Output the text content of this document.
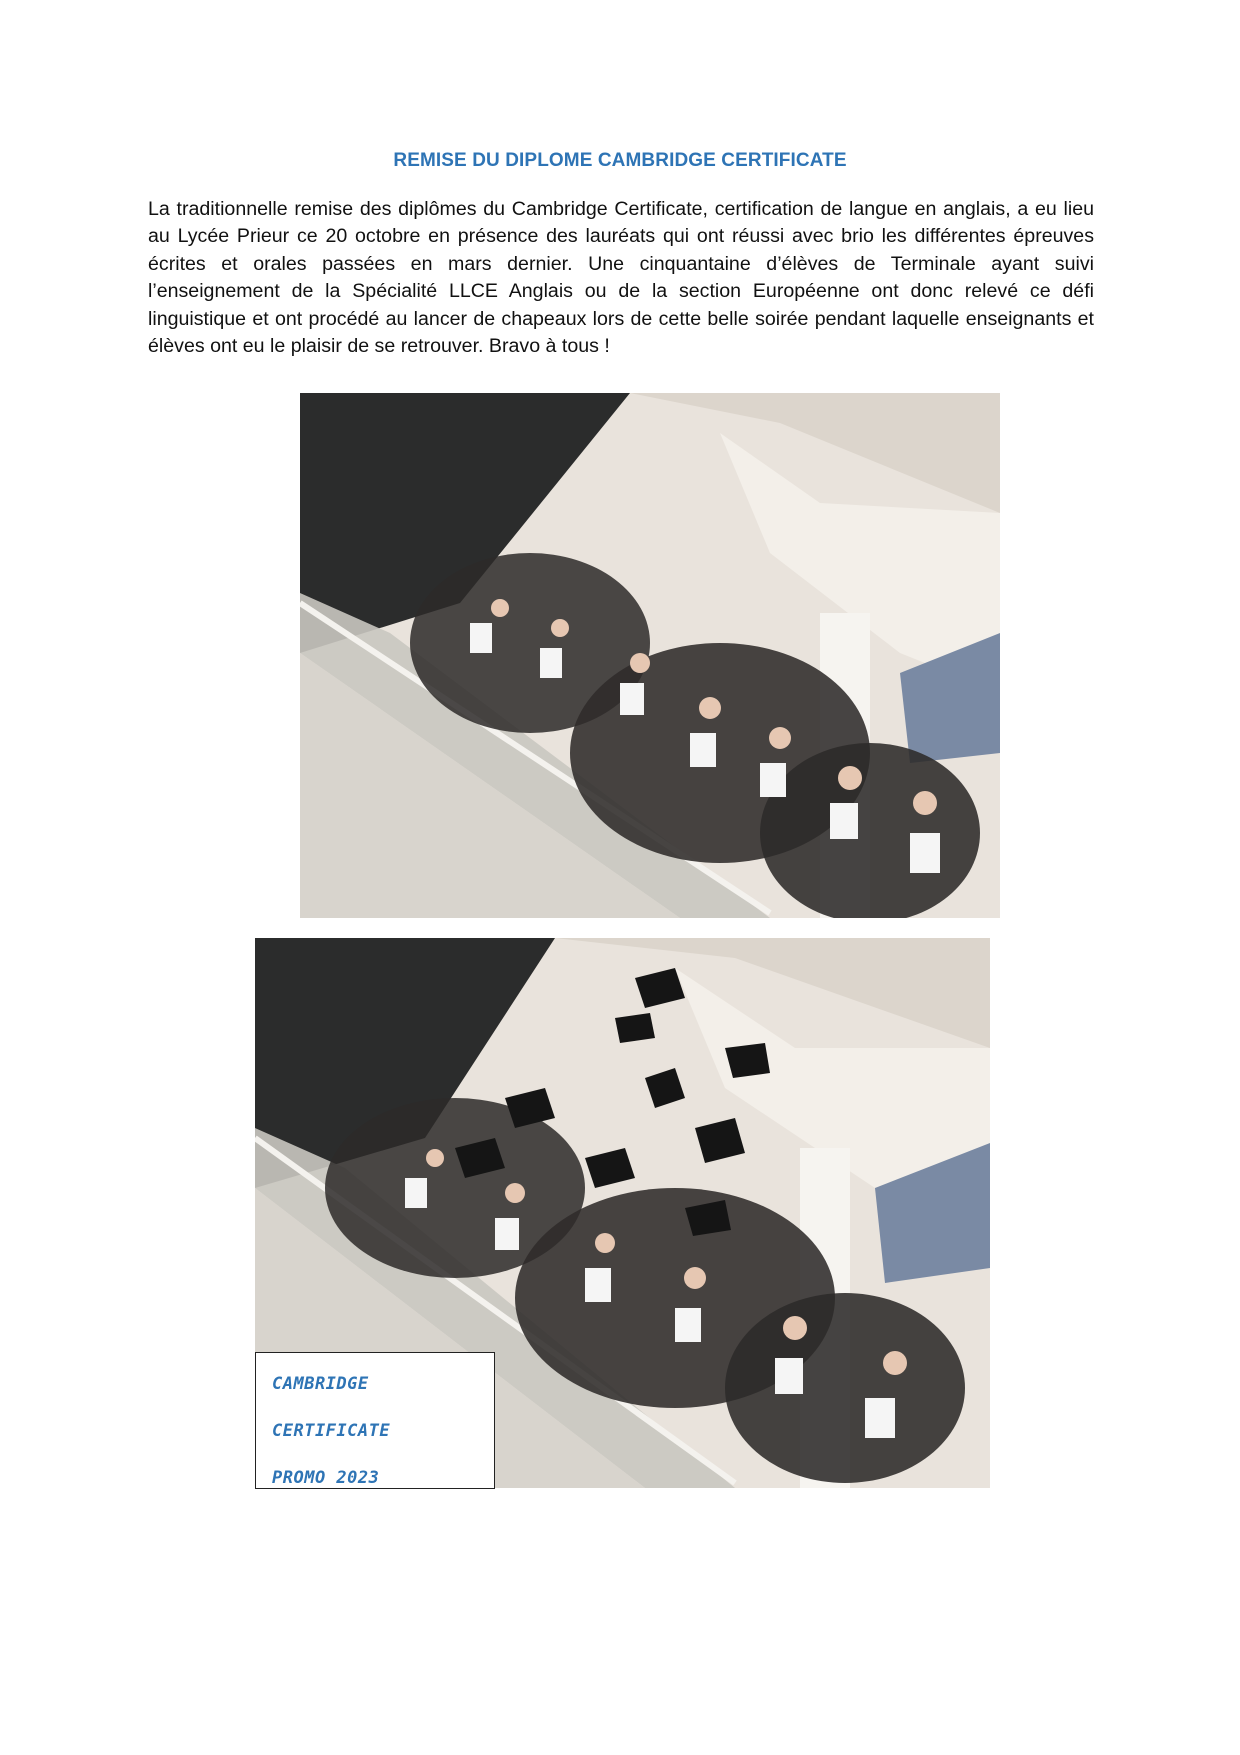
REMISE DU DIPLOME CAMBRIDGE CERTIFICATE

La traditionnelle remise des diplômes du Cambridge Certificate, certification de langue en anglais, a eu lieu au Lycée Prieur ce 20 octobre en présence des lauréats qui ont réussi avec brio les différentes épreuves écrites et orales passées en mars dernier. Une cinquantaine d’élèves de Terminale ayant suivi l’enseignement de la Spécialité LLCE Anglais ou de la section Européenne ont donc relevé ce défi linguistique et ont procédé au lancer de chapeaux lors de cette belle soirée pendant laquelle enseignants et élèves ont eu le plaisir de se retrouver. Bravo à tous !

CAMBRIDGE
CERTIFICATE
PROMO 2023
